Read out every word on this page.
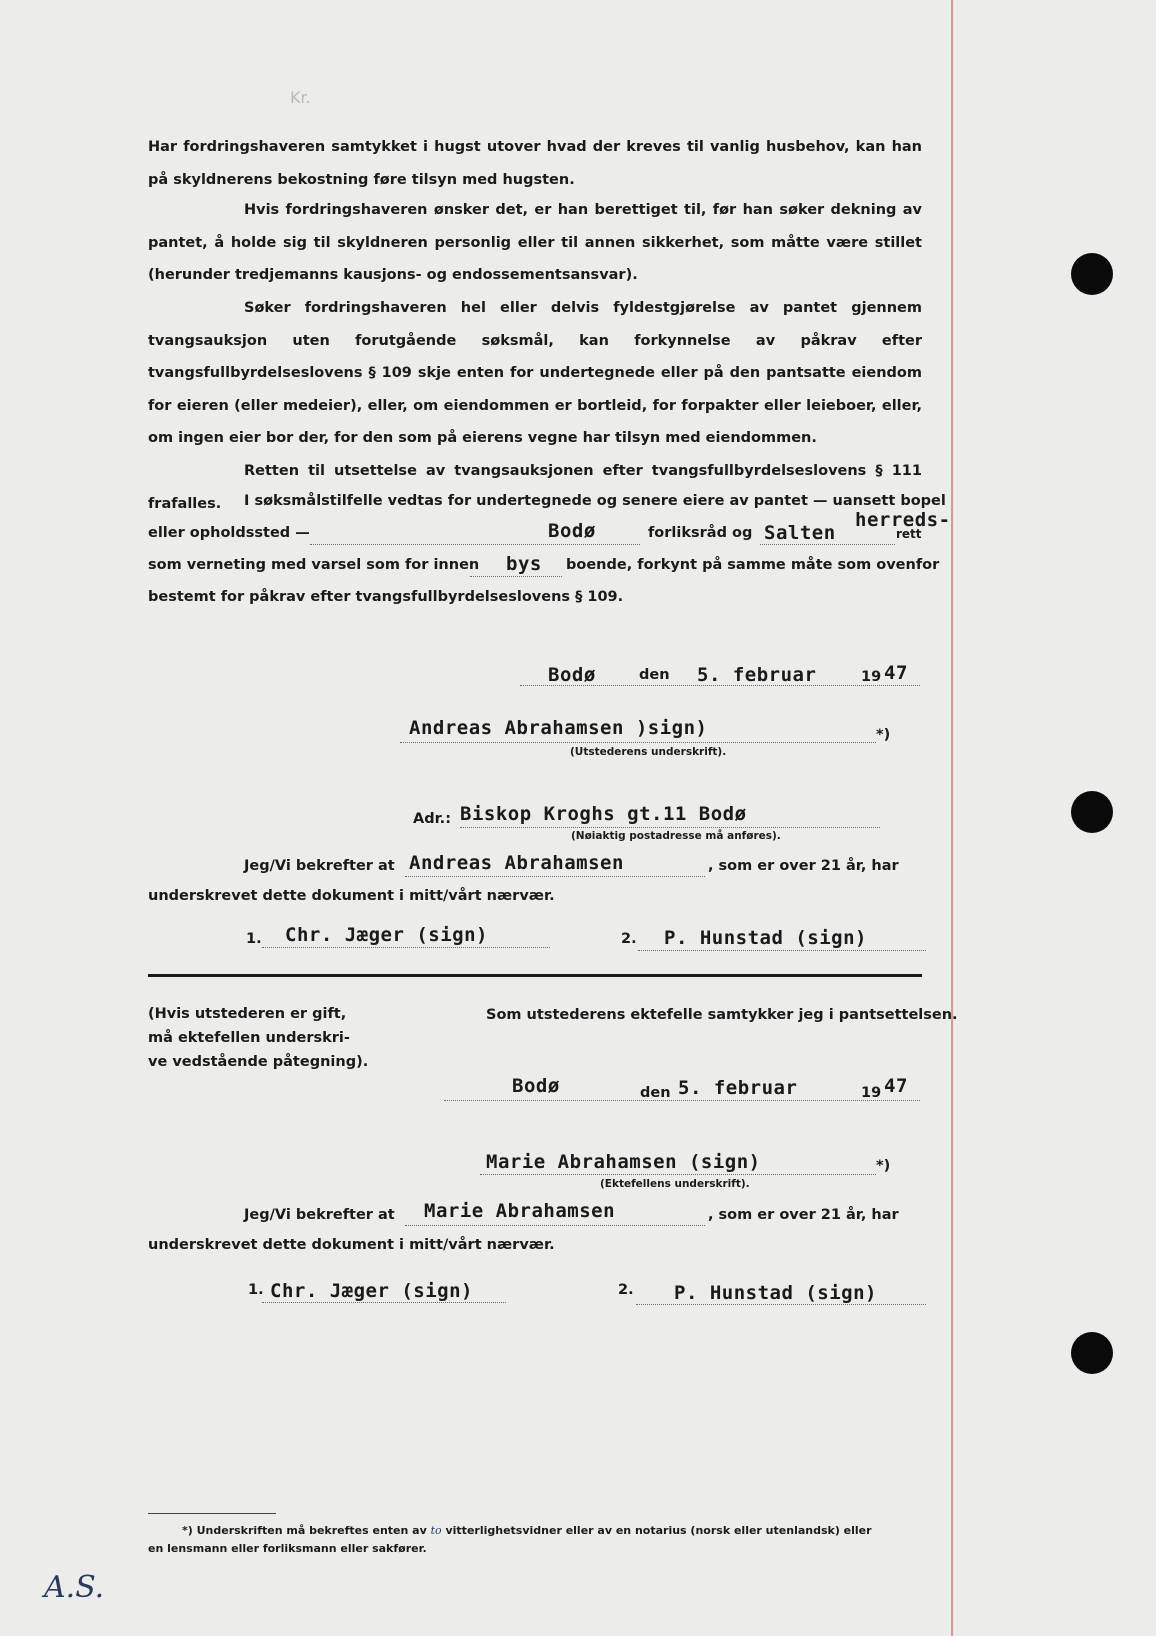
Kr.
Har fordringshaveren samtykket i hugst utover hvad der kreves til vanlig husbehov, kan han på skyldnerens bekostning føre tilsyn med hugsten.
Hvis fordringshaveren ønsker det, er han berettiget til, før han søker dekning av pantet, å holde sig til skyldneren personlig eller til annen sikkerhet, som måtte være stillet (herunder tredjemanns kausjons- og endossementsansvar).
Søker fordringshaveren hel eller delvis fyldestgjørelse av pantet gjennem tvangsauksjon uten forutgående søksmål, kan forkynnelse av påkrav efter tvangsfullbyrdelseslovens § 109 skje enten for undertegnede eller på den pantsatte eiendom for eieren (eller medeier), eller, om eiendommen er bortleid, for forpakter eller leieboer, eller, om ingen eier bor der, for den som på eierens vegne har tilsyn med eiendommen.
Retten til utsettelse av tvangsauksjonen efter tvangsfullbyrdelseslovens § 111 frafalles.	I søksmålstilfelle vedtas for undertegnede og senere eiere av pantet — uansett bopel
eller opholdssted —	Bodø	forliksråd og Salten
herreds-
rett
som verneting med varsel som for innen bys boende, forkynt på samme måte som ovenfor
bestemt for påkrav efter tvangsfullbyrdelseslovens § 109.
Bodø	den 5. februar	19 47
Andreas Abrahamsen )sign)	*)
(Utstederens underskrift).
Adr.: Biskop Kroghs gt.11 Bodø
(Nøiaktig postadresse må anføres).
Jeg/Vi bekrefter at Andreas Abrahamsen	, som er over 21 år, har
underskrevet dette dokument i mitt/vårt nærvær.
1. Chr. Jæger (sign)	2. P. Hunstad (sign)
(Hvis utstederen er gift,
må ektefellen underskri-
ve vedstående påtegning).
Som utstederens ektefelle samtykker jeg i pantsettelsen.
Bodø	den 5. februar	19 47
Marie Abrahamsen (sign)	*)
(Ektefellens underskrift).
Jeg/Vi bekrefter at Marie Abrahamsen	, som er over 21 år, har
underskrevet dette dokument i mitt/vårt nærvær.
1. Chr. Jæger (sign)	2. P. Hunstad (sign)
*) Underskriften må bekreftes enten av to vitterlighetsvidner eller av en notarius (norsk eller utenlandsk) eller
en lensmann eller forliksmann eller sakfører.
A.S.
